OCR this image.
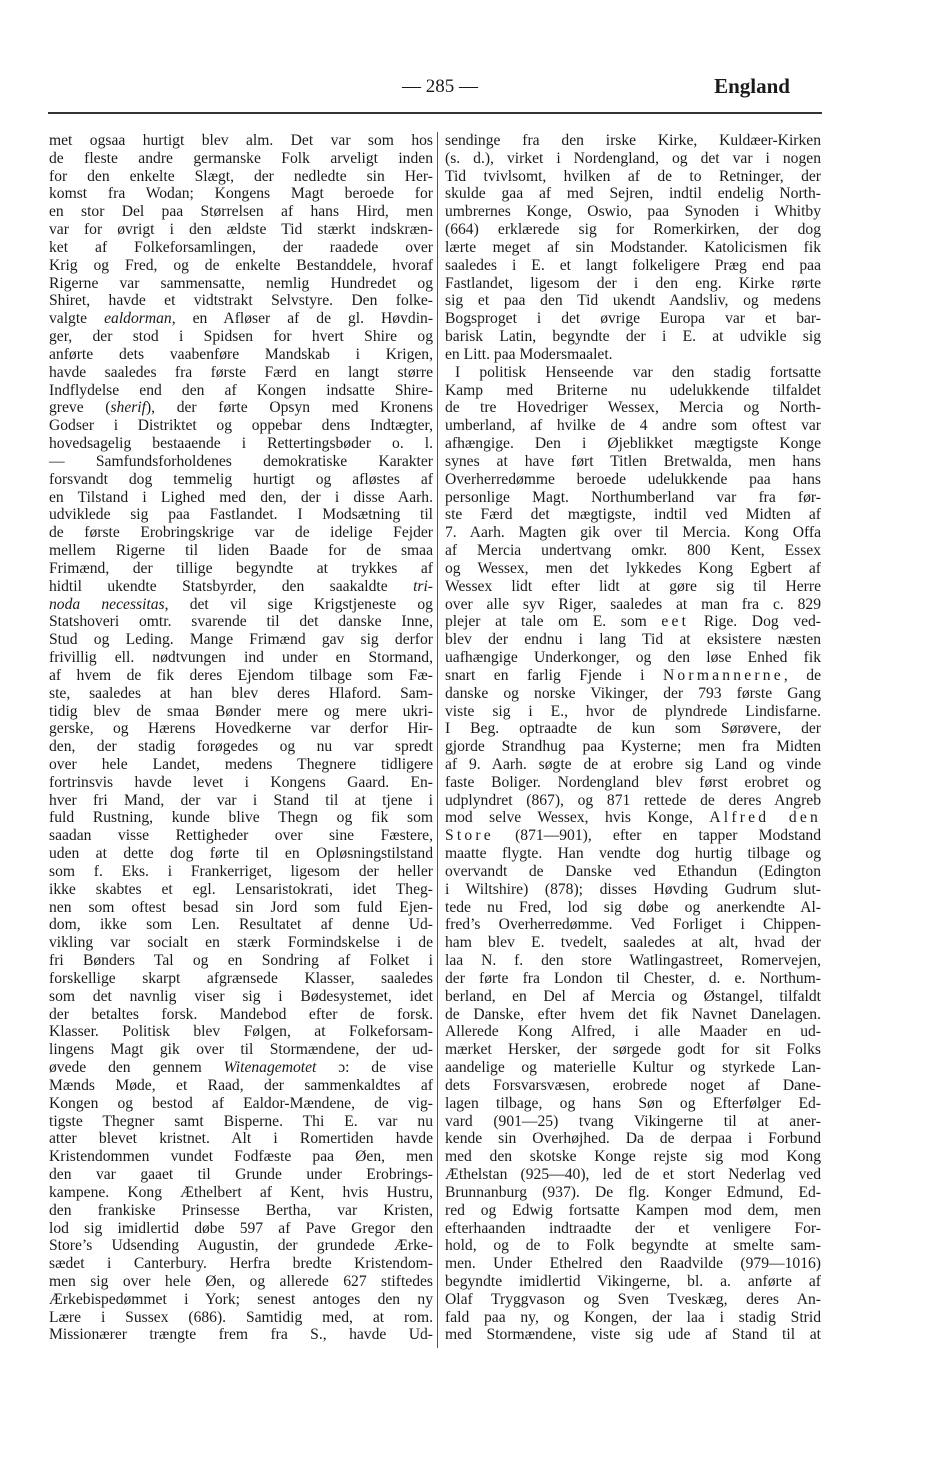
— 285 —	England
met ogsaa hurtigt blev alm. Det var som hos
de fleste andre germanske Folk arveligt inden
for den enkelte Slægt, der nedledte sin Her-
komst fra Wodan; Kongens Magt beroede for
en stor Del paa Størrelsen af hans Hird, men
var for øvrigt i den ældste Tid stærkt indskræn-
ket af Folkeforsamlingen, der raadede over
Krig og Fred, og de enkelte Bestanddele, hvoraf
Rigerne var sammensatte, nemlig Hundredet og
Shiret, havde et vidtstrakt Selvstyre. Den folke-
valgte ealdorman, en Afløser af de gl. Høvdin-
ger, der stod i Spidsen for hvert Shire og
anførte dets vaabenføre Mandskab i Krigen,
havde saaledes fra første Færd en langt større
Indflydelse end den af Kongen indsatte Shire-
greve (sherif), der førte Opsyn med Kronens
Godser i Distriktet og oppebar dens Indtægter,
hovedsagelig bestaaende i Rettertingsbøder o. l.
— Samfundsforholdenes demokratiske Karakter
forsvandt dog temmelig hurtigt og afløstes af
en Tilstand i Lighed med den, der i disse Aarh.
udviklede sig paa Fastlandet. I Modsætning til
de første Erobringskrige var de idelige Fejder
mellem Rigerne til liden Baade for de smaa
Frimænd, der tillige begyndte at trykkes af
hidtil ukendte Statsbyrder, den saakaldte tri-
noda necessitas, det vil sige Krigstjeneste og
Statshoveri omtr. svarende til det danske Inne,
Stud og Leding. Mange Frimænd gav sig derfor
frivillig ell. nødtvungen ind under en Stormand,
af hvem de fik deres Ejendom tilbage som Fæ-
ste, saaledes at han blev deres Hlaford. Sam-
tidig blev de smaa Bønder mere og mere ukri-
gerske, og Hærens Hovedkerne var derfor Hir-
den, der stadig forøgedes og nu var spredt
over hele Landet, medens Thegnere tidligere
fortrinsvis havde levet i Kongens Gaard. En-
hver fri Mand, der var i Stand til at tjene i
fuld Rustning, kunde blive Thegn og fik som
saadan visse Rettigheder over sine Fæstere,
uden at dette dog førte til en Opløsningstilstand
som f. Eks. i Frankerriget, ligesom der heller
ikke skabtes et egl. Lensaristokrati, idet Theg-
nen som oftest besad sin Jord som fuld Ejen-
dom, ikke som Len. Resultatet af denne Ud-
vikling var socialt en stærk Formindskelse i de
fri Bønders Tal og en Sondring af Folket i
forskellige skarpt afgrænsede Klasser, saaledes
som det navnlig viser sig i Bødesystemet, idet
der betaltes forsk. Mandebod efter de forsk.
Klasser. Politisk blev Følgen, at Folkeforsam-
lingens Magt gik over til Stormændene, der ud-
øvede den gennem Witenagemotet ɔ: de vise
Mænds Møde, et Raad, der sammenkaldtes af
Kongen og bestod af Ealdor-Mændene, de vig-
tigste Thegner samt Bisperne. Thi E. var nu
atter blevet kristnet. Alt i Romertiden havde
Kristendommen vundet Fodfæste paa Øen, men
den var gaaet til Grunde under Erobrings-
kampene. Kong Æthelbert af Kent, hvis Hustru,
den frankiske Prinsesse Bertha, var Kristen,
lod sig imidlertid døbe 597 af Pave Gregor den
Store’s Udsending Augustin, der grundede Ærke-
sædet i Canterbury. Herfra bredte Kristendom-
men sig over hele Øen, og allerede 627 stiftedes
Ærkebispedømmet i York; senest antoges den ny
Lære i Sussex (686). Samtidig med, at rom.
Missionærer trængte frem fra S., havde Ud-
sendinge fra den irske Kirke, Kuldæer-Kirken
(s. d.), virket i Nordengland, og det var i nogen
Tid tvivlsomt, hvilken af de to Retninger, der
skulde gaa af med Sejren, indtil endelig North-
umbrernes Konge, Oswio, paa Synoden i Whitby
(664) erklærede sig for Romerkirken, der dog
lærte meget af sin Modstander. Katolicismen fik
saaledes i E. et langt folkeligere Præg end paa
Fastlandet, ligesom der i den eng. Kirke rørte
sig et paa den Tid ukendt Aandsliv, og medens
Bogsproget i det øvrige Europa var et bar-
barisk Latin, begyndte der i E. at udvikle sig
en Litt. paa Modersmaalet.
I politisk Henseende var den stadig fortsatte
Kamp med Briterne nu udelukkende tilfaldet
de tre Hovedriger Wessex, Mercia og North-
umberland, af hvilke de 4 andre som oftest var
afhængige. Den i Øjeblikket mægtigste Konge
synes at have ført Titlen Bretwalda, men hans
Overherredømme beroede udelukkende paa hans
personlige Magt. Northumberland var fra før-
ste Færd det mægtigste, indtil ved Midten af
7. Aarh. Magten gik over til Mercia. Kong Offa
af Mercia undertvang omkr. 800 Kent, Essex
og Wessex, men det lykkedes Kong Egbert af
Wessex lidt efter lidt at gøre sig til Herre
over alle syv Riger, saaledes at man fra c. 829
plejer at tale om E. som eet Rige. Dog ved-
blev der endnu i lang Tid at eksistere næsten
uafhængige Underkonger, og den løse Enhed fik
snart en farlig Fjende i Normannerne, de
danske og norske Vikinger, der 793 første Gang
viste sig i E., hvor de plyndrede Lindisfarne.
I Beg. optraadte de kun som Sørøvere, der
gjorde Strandhug paa Kysterne; men fra Midten
af 9. Aarh. søgte de at erobre sig Land og vinde
faste Boliger. Nordengland blev først erobret og
udplyndret (867), og 871 rettede de deres Angreb
mod selve Wessex, hvis Konge, Alfred den
Store (871—901), efter en tapper Modstand
maatte flygte. Han vendte dog hurtig tilbage og
overvandt de Danske ved Ethandun (Edington
i Wiltshire) (878); disses Høvding Gudrum slut-
tede nu Fred, lod sig døbe og anerkendte Al-
fred’s Overherredømme. Ved Forliget i Chippen-
ham blev E. tvedelt, saaledes at alt, hvad der
laa N. f. den store Watlingastreet, Romervejen,
der førte fra London til Chester, d. e. Northum-
berland, en Del af Mercia og Østangel, tilfaldt
de Danske, efter hvem det fik Navnet Danelagen.
Allerede Kong Alfred, i alle Maader en ud-
mærket Hersker, der sørgede godt for sit Folks
aandelige og materielle Kultur og styrkede Lan-
dets Forsvarsvæsen, erobrede noget af Dane-
lagen tilbage, og hans Søn og Efterfølger Ed-
vard (901—25) tvang Vikingerne til at aner-
kende sin Overhøjhed. Da de derpaa i Forbund
med den skotske Konge rejste sig mod Kong
Æthelstan (925—40), led de et stort Nederlag ved
Brunnanburg (937). De flg. Konger Edmund, Ed-
red og Edwig fortsatte Kampen mod dem, men
efterhaanden indtraadte der et venligere For-
hold, og de to Folk begyndte at smelte sam-
men. Under Ethelred den Raadvilde (979—1016)
begyndte imidlertid Vikingerne, bl. a. anførte af
Olaf Tryggvason og Sven Tveskæg, deres An-
fald paa ny, og Kongen, der laa i stadig Strid
med Stormændene, viste sig ude af Stand til at
